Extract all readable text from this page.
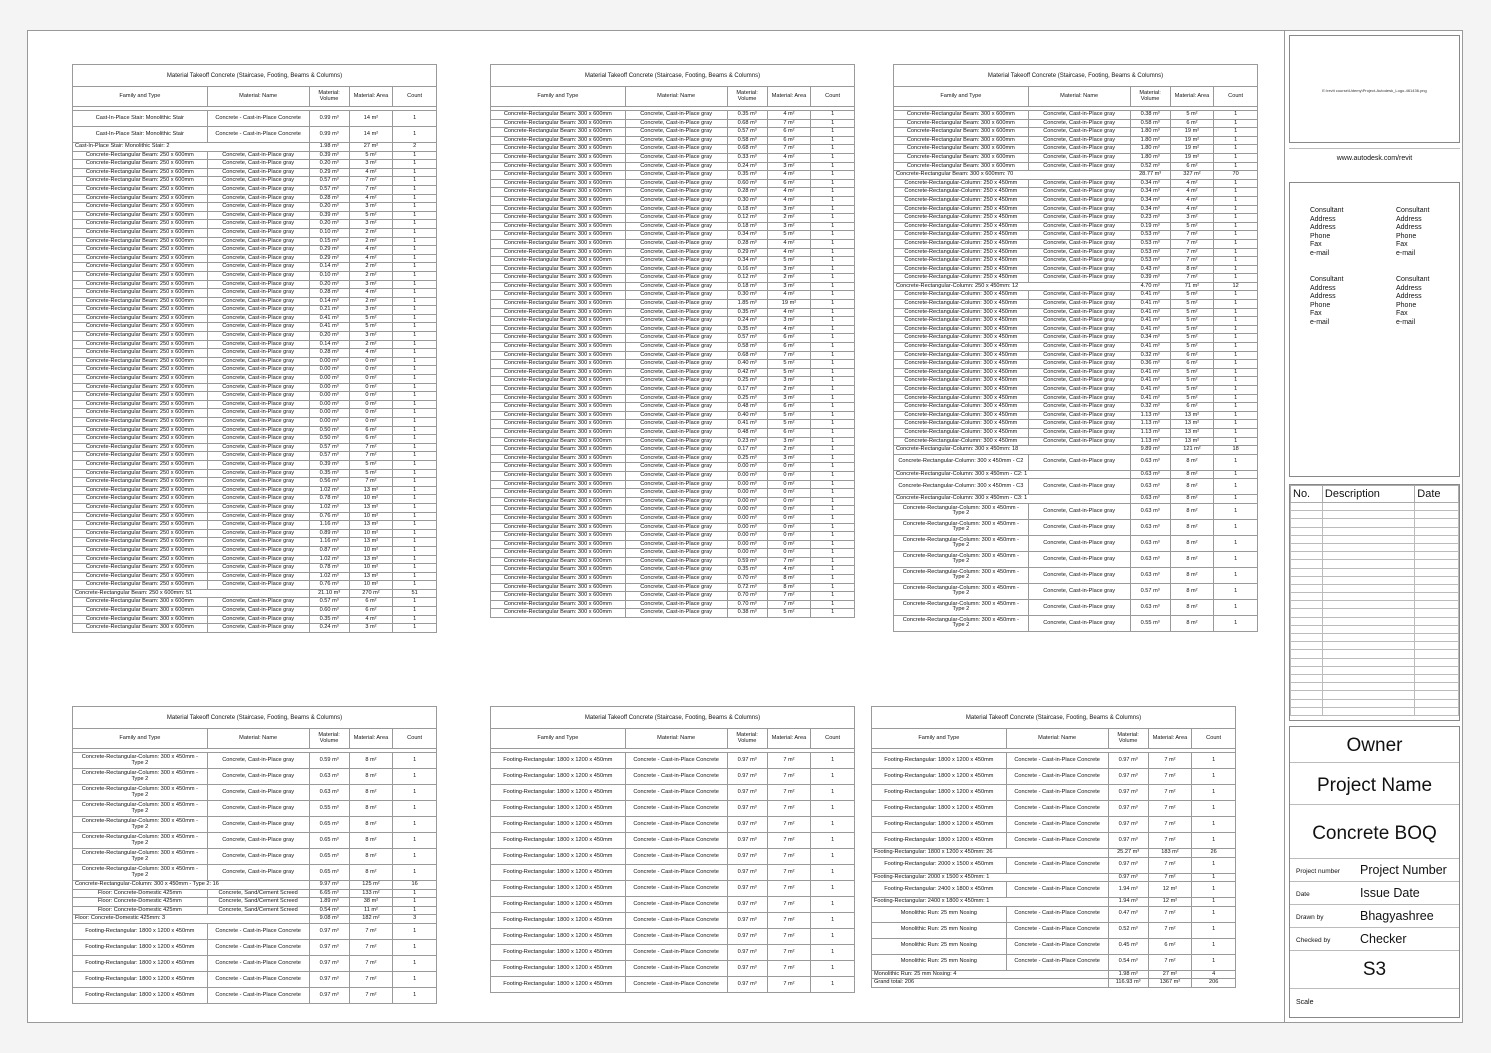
Material Takeoff Concrete (Staircase, Footing, Beams & Columns)				
Family and Type	Material: Name	Material: Volume	Material: Area	Count

Cast-In-Place Stair: Monolithic Stair	Concrete - Cast-in-Place Concrete	0.99 m³	14 m²	1
Cast-In-Place Stair: Monolithic Stair	Concrete - Cast-in-Place Concrete	0.99 m³	14 m²	1
Cast-In-Place Stair: Monolithic Stair: 2		1.98 m³	27 m²	2
Concrete-Rectangular Beam: 250 x 600mm	Concrete, Cast-in-Place gray	0.39 m³	5 m²	1
Concrete-Rectangular Beam: 250 x 600mm	Concrete, Cast-in-Place gray	0.20 m³	3 m²	1
Concrete-Rectangular Beam: 250 x 600mm	Concrete, Cast-in-Place gray	0.29 m³	4 m²	1
Concrete-Rectangular Beam: 250 x 600mm	Concrete, Cast-in-Place gray	0.57 m³	7 m²	1
Concrete-Rectangular Beam: 250 x 600mm	Concrete, Cast-in-Place gray	0.57 m³	7 m²	1
Concrete-Rectangular Beam: 250 x 600mm	Concrete, Cast-in-Place gray	0.28 m³	4 m²	1
Concrete-Rectangular Beam: 250 x 600mm	Concrete, Cast-in-Place gray	0.20 m³	3 m²	1
Concrete-Rectangular Beam: 250 x 600mm	Concrete, Cast-in-Place gray	0.39 m³	5 m²	1
Concrete-Rectangular Beam: 250 x 600mm	Concrete, Cast-in-Place gray	0.20 m³	3 m²	1
Concrete-Rectangular Beam: 250 x 600mm	Concrete, Cast-in-Place gray	0.10 m³	2 m²	1
Concrete-Rectangular Beam: 250 x 600mm	Concrete, Cast-in-Place gray	0.15 m³	2 m²	1
Concrete-Rectangular Beam: 250 x 600mm	Concrete, Cast-in-Place gray	0.29 m³	4 m²	1
Concrete-Rectangular Beam: 250 x 600mm	Concrete, Cast-in-Place gray	0.29 m³	4 m²	1
Concrete-Rectangular Beam: 250 x 600mm	Concrete, Cast-in-Place gray	0.14 m³	2 m²	1
Concrete-Rectangular Beam: 250 x 600mm	Concrete, Cast-in-Place gray	0.10 m³	2 m²	1
Concrete-Rectangular Beam: 250 x 600mm	Concrete, Cast-in-Place gray	0.20 m³	3 m²	1
Concrete-Rectangular Beam: 250 x 600mm	Concrete, Cast-in-Place gray	0.28 m³	4 m²	1
Concrete-Rectangular Beam: 250 x 600mm	Concrete, Cast-in-Place gray	0.14 m³	2 m²	1
Concrete-Rectangular Beam: 250 x 600mm	Concrete, Cast-in-Place gray	0.21 m³	3 m²	1
Concrete-Rectangular Beam: 250 x 600mm	Concrete, Cast-in-Place gray	0.41 m³	5 m²	1
Concrete-Rectangular Beam: 250 x 600mm	Concrete, Cast-in-Place gray	0.41 m³	5 m²	1
Concrete-Rectangular Beam: 250 x 600mm	Concrete, Cast-in-Place gray	0.20 m³	3 m²	1
Concrete-Rectangular Beam: 250 x 600mm	Concrete, Cast-in-Place gray	0.14 m³	2 m²	1
Concrete-Rectangular Beam: 250 x 600mm	Concrete, Cast-in-Place gray	0.28 m³	4 m²	1
Concrete-Rectangular Beam: 250 x 600mm	Concrete, Cast-in-Place gray	0.00 m³	0 m²	1
Concrete-Rectangular Beam: 250 x 600mm	Concrete, Cast-in-Place gray	0.00 m³	0 m²	1
Concrete-Rectangular Beam: 250 x 600mm	Concrete, Cast-in-Place gray	0.00 m³	0 m²	1
Concrete-Rectangular Beam: 250 x 600mm	Concrete, Cast-in-Place gray	0.00 m³	0 m²	1
Concrete-Rectangular Beam: 250 x 600mm	Concrete, Cast-in-Place gray	0.00 m³	0 m²	1
Concrete-Rectangular Beam: 250 x 600mm	Concrete, Cast-in-Place gray	0.00 m³	0 m²	1
Concrete-Rectangular Beam: 250 x 600mm	Concrete, Cast-in-Place gray	0.00 m³	0 m²	1
Concrete-Rectangular Beam: 250 x 600mm	Concrete, Cast-in-Place gray	0.00 m³	0 m²	1
Concrete-Rectangular Beam: 250 x 600mm	Concrete, Cast-in-Place gray	0.50 m³	6 m²	1
Concrete-Rectangular Beam: 250 x 600mm	Concrete, Cast-in-Place gray	0.50 m³	6 m²	1
Concrete-Rectangular Beam: 250 x 600mm	Concrete, Cast-in-Place gray	0.57 m³	7 m²	1
Concrete-Rectangular Beam: 250 x 600mm	Concrete, Cast-in-Place gray	0.57 m³	7 m²	1
Concrete-Rectangular Beam: 250 x 600mm	Concrete, Cast-in-Place gray	0.39 m³	5 m²	1
Concrete-Rectangular Beam: 250 x 600mm	Concrete, Cast-in-Place gray	0.35 m³	5 m²	1
Concrete-Rectangular Beam: 250 x 600mm	Concrete, Cast-in-Place gray	0.56 m³	7 m²	1
Concrete-Rectangular Beam: 250 x 600mm	Concrete, Cast-in-Place gray	1.02 m³	13 m²	1
Concrete-Rectangular Beam: 250 x 600mm	Concrete, Cast-in-Place gray	0.78 m³	10 m²	1
Concrete-Rectangular Beam: 250 x 600mm	Concrete, Cast-in-Place gray	1.02 m³	13 m²	1
Concrete-Rectangular Beam: 250 x 600mm	Concrete, Cast-in-Place gray	0.76 m³	10 m²	1
Concrete-Rectangular Beam: 250 x 600mm	Concrete, Cast-in-Place gray	1.16 m³	13 m²	1
Concrete-Rectangular Beam: 250 x 600mm	Concrete, Cast-in-Place gray	0.89 m³	10 m²	1
Concrete-Rectangular Beam: 250 x 600mm	Concrete, Cast-in-Place gray	1.16 m³	13 m²	1
Concrete-Rectangular Beam: 250 x 600mm	Concrete, Cast-in-Place gray	0.87 m³	10 m²	1
Concrete-Rectangular Beam: 250 x 600mm	Concrete, Cast-in-Place gray	1.02 m³	13 m²	1
Concrete-Rectangular Beam: 250 x 600mm	Concrete, Cast-in-Place gray	0.78 m³	10 m²	1
Concrete-Rectangular Beam: 250 x 600mm	Concrete, Cast-in-Place gray	1.02 m³	13 m²	1
Concrete-Rectangular Beam: 250 x 600mm	Concrete, Cast-in-Place gray	0.76 m³	10 m²	1
Concrete-Rectangular Beam: 250 x 600mm: 51		21.10 m³	270 m²	51
Concrete-Rectangular Beam: 300 x 600mm	Concrete, Cast-in-Place gray	0.57 m³	6 m²	1
Concrete-Rectangular Beam: 300 x 600mm	Concrete, Cast-in-Place gray	0.60 m³	6 m²	1
Concrete-Rectangular Beam: 300 x 600mm	Concrete, Cast-in-Place gray	0.35 m³	4 m²	1
Concrete-Rectangular Beam: 300 x 600mm	Concrete, Cast-in-Place gray	0.24 m³	3 m²	1
Material Takeoff Concrete (Staircase, Footing, Beams & Columns)				
Family and Type	Material: Name	Material: Volume	Material: Area	Count

Concrete-Rectangular Beam: 300 x 600mm	Concrete, Cast-in-Place gray	0.35 m³	4 m²	1
Concrete-Rectangular Beam: 300 x 600mm	Concrete, Cast-in-Place gray	0.68 m³	7 m²	1
Concrete-Rectangular Beam: 300 x 600mm	Concrete, Cast-in-Place gray	0.57 m³	6 m²	1
Concrete-Rectangular Beam: 300 x 600mm	Concrete, Cast-in-Place gray	0.58 m³	6 m²	1
Concrete-Rectangular Beam: 300 x 600mm	Concrete, Cast-in-Place gray	0.68 m³	7 m²	1
Concrete-Rectangular Beam: 300 x 600mm	Concrete, Cast-in-Place gray	0.33 m³	4 m²	1
Concrete-Rectangular Beam: 300 x 600mm	Concrete, Cast-in-Place gray	0.24 m³	3 m²	1
Concrete-Rectangular Beam: 300 x 600mm	Concrete, Cast-in-Place gray	0.35 m³	4 m²	1
Concrete-Rectangular Beam: 300 x 600mm	Concrete, Cast-in-Place gray	0.60 m³	6 m²	1
Concrete-Rectangular Beam: 300 x 600mm	Concrete, Cast-in-Place gray	0.28 m³	4 m²	1
Concrete-Rectangular Beam: 300 x 600mm	Concrete, Cast-in-Place gray	0.30 m³	4 m²	1
Concrete-Rectangular Beam: 300 x 600mm	Concrete, Cast-in-Place gray	0.18 m³	3 m²	1
Concrete-Rectangular Beam: 300 x 600mm	Concrete, Cast-in-Place gray	0.12 m³	2 m²	1
Concrete-Rectangular Beam: 300 x 600mm	Concrete, Cast-in-Place gray	0.18 m³	3 m²	1
Concrete-Rectangular Beam: 300 x 600mm	Concrete, Cast-in-Place gray	0.34 m³	5 m²	1
Concrete-Rectangular Beam: 300 x 600mm	Concrete, Cast-in-Place gray	0.28 m³	4 m²	1
Concrete-Rectangular Beam: 300 x 600mm	Concrete, Cast-in-Place gray	0.29 m³	4 m²	1
Concrete-Rectangular Beam: 300 x 600mm	Concrete, Cast-in-Place gray	0.34 m³	5 m²	1
Concrete-Rectangular Beam: 300 x 600mm	Concrete, Cast-in-Place gray	0.16 m³	3 m²	1
Concrete-Rectangular Beam: 300 x 600mm	Concrete, Cast-in-Place gray	0.12 m³	2 m²	1
Concrete-Rectangular Beam: 300 x 600mm	Concrete, Cast-in-Place gray	0.18 m³	3 m²	1
Concrete-Rectangular Beam: 300 x 600mm	Concrete, Cast-in-Place gray	0.30 m³	4 m²	1
Concrete-Rectangular Beam: 300 x 600mm	Concrete, Cast-in-Place gray	1.85 m³	19 m²	1
Concrete-Rectangular Beam: 300 x 600mm	Concrete, Cast-in-Place gray	0.35 m³	4 m²	1
Concrete-Rectangular Beam: 300 x 600mm	Concrete, Cast-in-Place gray	0.24 m³	3 m²	1
Concrete-Rectangular Beam: 300 x 600mm	Concrete, Cast-in-Place gray	0.35 m³	4 m²	1
Concrete-Rectangular Beam: 300 x 600mm	Concrete, Cast-in-Place gray	0.57 m³	6 m²	1
Concrete-Rectangular Beam: 300 x 600mm	Concrete, Cast-in-Place gray	0.58 m³	6 m²	1
Concrete-Rectangular Beam: 300 x 600mm	Concrete, Cast-in-Place gray	0.68 m³	7 m²	1
Concrete-Rectangular Beam: 300 x 600mm	Concrete, Cast-in-Place gray	0.40 m³	5 m²	1
Concrete-Rectangular Beam: 300 x 600mm	Concrete, Cast-in-Place gray	0.42 m³	5 m²	1
Concrete-Rectangular Beam: 300 x 600mm	Concrete, Cast-in-Place gray	0.25 m³	3 m²	1
Concrete-Rectangular Beam: 300 x 600mm	Concrete, Cast-in-Place gray	0.17 m³	2 m²	1
Concrete-Rectangular Beam: 300 x 600mm	Concrete, Cast-in-Place gray	0.25 m³	3 m²	1
Concrete-Rectangular Beam: 300 x 600mm	Concrete, Cast-in-Place gray	0.48 m³	6 m²	1
Concrete-Rectangular Beam: 300 x 600mm	Concrete, Cast-in-Place gray	0.40 m³	5 m²	1
Concrete-Rectangular Beam: 300 x 600mm	Concrete, Cast-in-Place gray	0.41 m³	5 m²	1
Concrete-Rectangular Beam: 300 x 600mm	Concrete, Cast-in-Place gray	0.48 m³	6 m²	1
Concrete-Rectangular Beam: 300 x 600mm	Concrete, Cast-in-Place gray	0.23 m³	3 m²	1
Concrete-Rectangular Beam: 300 x 600mm	Concrete, Cast-in-Place gray	0.17 m³	2 m²	1
Concrete-Rectangular Beam: 300 x 600mm	Concrete, Cast-in-Place gray	0.25 m³	3 m²	1
Concrete-Rectangular Beam: 300 x 600mm	Concrete, Cast-in-Place gray	0.00 m³	0 m²	1
Concrete-Rectangular Beam: 300 x 600mm	Concrete, Cast-in-Place gray	0.00 m³	0 m²	1
Concrete-Rectangular Beam: 300 x 600mm	Concrete, Cast-in-Place gray	0.00 m³	0 m²	1
Concrete-Rectangular Beam: 300 x 600mm	Concrete, Cast-in-Place gray	0.00 m³	0 m²	1
Concrete-Rectangular Beam: 300 x 600mm	Concrete, Cast-in-Place gray	0.00 m³	0 m²	1
Concrete-Rectangular Beam: 300 x 600mm	Concrete, Cast-in-Place gray	0.00 m³	0 m²	1
Concrete-Rectangular Beam: 300 x 600mm	Concrete, Cast-in-Place gray	0.00 m³	0 m²	1
Concrete-Rectangular Beam: 300 x 600mm	Concrete, Cast-in-Place gray	0.00 m³	0 m²	1
Concrete-Rectangular Beam: 300 x 600mm	Concrete, Cast-in-Place gray	0.00 m³	0 m²	1
Concrete-Rectangular Beam: 300 x 600mm	Concrete, Cast-in-Place gray	0.00 m³	0 m²	1
Concrete-Rectangular Beam: 300 x 600mm	Concrete, Cast-in-Place gray	0.00 m³	0 m²	1
Concrete-Rectangular Beam: 300 x 600mm	Concrete, Cast-in-Place gray	0.59 m³	7 m²	1
Concrete-Rectangular Beam: 300 x 600mm	Concrete, Cast-in-Place gray	0.35 m³	4 m²	1
Concrete-Rectangular Beam: 300 x 600mm	Concrete, Cast-in-Place gray	0.70 m³	8 m²	1
Concrete-Rectangular Beam: 300 x 600mm	Concrete, Cast-in-Place gray	0.72 m³	8 m²	1
Concrete-Rectangular Beam: 300 x 600mm	Concrete, Cast-in-Place gray	0.70 m³	7 m²	1
Concrete-Rectangular Beam: 300 x 600mm	Concrete, Cast-in-Place gray	0.70 m³	7 m²	1
Concrete-Rectangular Beam: 300 x 600mm	Concrete, Cast-in-Place gray	0.38 m³	5 m²	1
Material Takeoff Concrete (Staircase, Footing, Beams & Columns)				
Family and Type	Material: Name	Material: Volume	Material: Area	Count

Concrete-Rectangular Beam: 300 x 600mm	Concrete, Cast-in-Place gray	0.38 m³	5 m²	1
Concrete-Rectangular Beam: 300 x 600mm	Concrete, Cast-in-Place gray	0.58 m³	6 m²	1
Concrete-Rectangular Beam: 300 x 600mm	Concrete, Cast-in-Place gray	1.80 m³	19 m²	1
Concrete-Rectangular Beam: 300 x 600mm	Concrete, Cast-in-Place gray	1.80 m³	19 m²	1
Concrete-Rectangular Beam: 300 x 600mm	Concrete, Cast-in-Place gray	1.80 m³	19 m²	1
Concrete-Rectangular Beam: 300 x 600mm	Concrete, Cast-in-Place gray	1.80 m³	19 m²	1
Concrete-Rectangular Beam: 300 x 600mm	Concrete, Cast-in-Place gray	0.52 m³	6 m²	1
Concrete-Rectangular Beam: 300 x 600mm: 70		28.77 m³	327 m²	70
Concrete-Rectangular-Column: 250 x 450mm	Concrete, Cast-in-Place gray	0.34 m³	4 m²	1
Concrete-Rectangular-Column: 250 x 450mm	Concrete, Cast-in-Place gray	0.34 m³	4 m²	1
Concrete-Rectangular-Column: 250 x 450mm	Concrete, Cast-in-Place gray	0.34 m³	4 m²	1
Concrete-Rectangular-Column: 250 x 450mm	Concrete, Cast-in-Place gray	0.34 m³	4 m²	1
Concrete-Rectangular-Column: 250 x 450mm	Concrete, Cast-in-Place gray	0.23 m³	3 m²	1
Concrete-Rectangular-Column: 250 x 450mm	Concrete, Cast-in-Place gray	0.19 m³	5 m²	1
Concrete-Rectangular-Column: 250 x 450mm	Concrete, Cast-in-Place gray	0.53 m³	7 m²	1
Concrete-Rectangular-Column: 250 x 450mm	Concrete, Cast-in-Place gray	0.53 m³	7 m²	1
Concrete-Rectangular-Column: 250 x 450mm	Concrete, Cast-in-Place gray	0.53 m³	7 m²	1
Concrete-Rectangular-Column: 250 x 450mm	Concrete, Cast-in-Place gray	0.53 m³	7 m²	1
Concrete-Rectangular-Column: 250 x 450mm	Concrete, Cast-in-Place gray	0.43 m³	8 m²	1
Concrete-Rectangular-Column: 250 x 450mm	Concrete, Cast-in-Place gray	0.39 m³	7 m²	1
Concrete-Rectangular-Column: 250 x 450mm: 12		4.70 m³	71 m²	12
Concrete-Rectangular-Column: 300 x 450mm	Concrete, Cast-in-Place gray	0.41 m³	5 m²	1
Concrete-Rectangular-Column: 300 x 450mm	Concrete, Cast-in-Place gray	0.41 m³	5 m²	1
Concrete-Rectangular-Column: 300 x 450mm	Concrete, Cast-in-Place gray	0.41 m³	5 m²	1
Concrete-Rectangular-Column: 300 x 450mm	Concrete, Cast-in-Place gray	0.41 m³	5 m²	1
Concrete-Rectangular-Column: 300 x 450mm	Concrete, Cast-in-Place gray	0.41 m³	5 m²	1
Concrete-Rectangular-Column: 300 x 450mm	Concrete, Cast-in-Place gray	0.34 m³	5 m²	1
Concrete-Rectangular-Column: 300 x 450mm	Concrete, Cast-in-Place gray	0.41 m³	5 m²	1
Concrete-Rectangular-Column: 300 x 450mm	Concrete, Cast-in-Place gray	0.32 m³	6 m²	1
Concrete-Rectangular-Column: 300 x 450mm	Concrete, Cast-in-Place gray	0.36 m³	6 m²	1
Concrete-Rectangular-Column: 300 x 450mm	Concrete, Cast-in-Place gray	0.41 m³	5 m²	1
Concrete-Rectangular-Column: 300 x 450mm	Concrete, Cast-in-Place gray	0.41 m³	5 m²	1
Concrete-Rectangular-Column: 300 x 450mm	Concrete, Cast-in-Place gray	0.41 m³	5 m²	1
Concrete-Rectangular-Column: 300 x 450mm	Concrete, Cast-in-Place gray	0.41 m³	5 m²	1
Concrete-Rectangular-Column: 300 x 450mm	Concrete, Cast-in-Place gray	0.32 m³	6 m²	1
Concrete-Rectangular-Column: 300 x 450mm	Concrete, Cast-in-Place gray	1.13 m³	13 m²	1
Concrete-Rectangular-Column: 300 x 450mm	Concrete, Cast-in-Place gray	1.13 m³	13 m²	1
Concrete-Rectangular-Column: 300 x 450mm	Concrete, Cast-in-Place gray	1.13 m³	13 m²	1
Concrete-Rectangular-Column: 300 x 450mm	Concrete, Cast-in-Place gray	1.13 m³	13 m²	1
Concrete-Rectangular-Column: 300 x 450mm: 18		9.89 m³	121 m²	18
Concrete-Rectangular-Column: 300 x 450mm - C2	Concrete, Cast-in-Place gray	0.63 m³	8 m²	1
Concrete-Rectangular-Column: 300 x 450mm - C2: 1		0.63 m³	8 m²	1
Concrete-Rectangular-Column: 300 x 450mm - C3	Concrete, Cast-in-Place gray	0.63 m³	8 m²	1
Concrete-Rectangular-Column: 300 x 450mm - C3: 1		0.63 m³	8 m²	1
Concrete-Rectangular-Column: 300 x 450mm - Type 2	Concrete, Cast-in-Place gray	0.63 m³	8 m²	1
Concrete-Rectangular-Column: 300 x 450mm - Type 2	Concrete, Cast-in-Place gray	0.63 m³	8 m²	1
Concrete-Rectangular-Column: 300 x 450mm - Type 2	Concrete, Cast-in-Place gray	0.63 m³	8 m²	1
Concrete-Rectangular-Column: 300 x 450mm - Type 2	Concrete, Cast-in-Place gray	0.63 m³	8 m²	1
Concrete-Rectangular-Column: 300 x 450mm - Type 2	Concrete, Cast-in-Place gray	0.63 m³	8 m²	1
Concrete-Rectangular-Column: 300 x 450mm - Type 2	Concrete, Cast-in-Place gray	0.57 m³	8 m²	1
Concrete-Rectangular-Column: 300 x 450mm - Type 2	Concrete, Cast-in-Place gray	0.63 m³	8 m²	1
Concrete-Rectangular-Column: 300 x 450mm - Type 2	Concrete, Cast-in-Place gray	0.55 m³	8 m²	1
Material Takeoff Concrete (Staircase, Footing, Beams & Columns)				
Family and Type	Material: Name	Material: Volume	Material: Area	Count

Concrete-Rectangular-Column: 300 x 450mm - Type 2	Concrete, Cast-in-Place gray	0.59 m³	8 m²	1
Concrete-Rectangular-Column: 300 x 450mm - Type 2	Concrete, Cast-in-Place gray	0.63 m³	8 m²	1
Concrete-Rectangular-Column: 300 x 450mm - Type 2	Concrete, Cast-in-Place gray	0.63 m³	8 m²	1
Concrete-Rectangular-Column: 300 x 450mm - Type 2	Concrete, Cast-in-Place gray	0.55 m³	8 m²	1
Concrete-Rectangular-Column: 300 x 450mm - Type 2	Concrete, Cast-in-Place gray	0.65 m³	8 m²	1
Concrete-Rectangular-Column: 300 x 450mm - Type 2	Concrete, Cast-in-Place gray	0.65 m³	8 m²	1
Concrete-Rectangular-Column: 300 x 450mm - Type 2	Concrete, Cast-in-Place gray	0.65 m³	8 m²	1
Concrete-Rectangular-Column: 300 x 450mm - Type 2	Concrete, Cast-in-Place gray	0.65 m³	8 m²	1
Concrete-Rectangular-Column: 300 x 450mm - Type 2: 16		9.97 m³	125 m²	16
Floor: Concrete-Domestic 425mm	Concrete, Sand/Cement Screed	6.65 m³	133 m²	1
Floor: Concrete-Domestic 425mm	Concrete, Sand/Cement Screed	1.89 m³	38 m²	1
Floor: Concrete-Domestic 425mm	Concrete, Sand/Cement Screed	0.54 m³	11 m²	1
Floor: Concrete-Domestic 425mm: 3		9.08 m³	182 m²	3
Footing-Rectangular: 1800 x 1200 x 450mm	Concrete - Cast-in-Place Concrete	0.97 m³	7 m²	1
Footing-Rectangular: 1800 x 1200 x 450mm	Concrete - Cast-in-Place Concrete	0.97 m³	7 m²	1
Footing-Rectangular: 1800 x 1200 x 450mm	Concrete - Cast-in-Place Concrete	0.97 m³	7 m²	1
Footing-Rectangular: 1800 x 1200 x 450mm	Concrete - Cast-in-Place Concrete	0.97 m³	7 m²	1
Footing-Rectangular: 1800 x 1200 x 450mm	Concrete - Cast-in-Place Concrete	0.97 m³	7 m²	1
Material Takeoff Concrete (Staircase, Footing, Beams & Columns)				
Family and Type	Material: Name	Material: Volume	Material: Area	Count

Footing-Rectangular: 1800 x 1200 x 450mm	Concrete - Cast-in-Place Concrete	0.97 m³	7 m²	1
Footing-Rectangular: 1800 x 1200 x 450mm	Concrete - Cast-in-Place Concrete	0.97 m³	7 m²	1
Footing-Rectangular: 1800 x 1200 x 450mm	Concrete - Cast-in-Place Concrete	0.97 m³	7 m²	1
Footing-Rectangular: 1800 x 1200 x 450mm	Concrete - Cast-in-Place Concrete	0.97 m³	7 m²	1
Footing-Rectangular: 1800 x 1200 x 450mm	Concrete - Cast-in-Place Concrete	0.97 m³	7 m²	1
Footing-Rectangular: 1800 x 1200 x 450mm	Concrete - Cast-in-Place Concrete	0.97 m³	7 m²	1
Footing-Rectangular: 1800 x 1200 x 450mm	Concrete - Cast-in-Place Concrete	0.97 m³	7 m²	1
Footing-Rectangular: 1800 x 1200 x 450mm	Concrete - Cast-in-Place Concrete	0.97 m³	7 m²	1
Footing-Rectangular: 1800 x 1200 x 450mm	Concrete - Cast-in-Place Concrete	0.97 m³	7 m²	1
Footing-Rectangular: 1800 x 1200 x 450mm	Concrete - Cast-in-Place Concrete	0.97 m³	7 m²	1
Footing-Rectangular: 1800 x 1200 x 450mm	Concrete - Cast-in-Place Concrete	0.97 m³	7 m²	1
Footing-Rectangular: 1800 x 1200 x 450mm	Concrete - Cast-in-Place Concrete	0.97 m³	7 m²	1
Footing-Rectangular: 1800 x 1200 x 450mm	Concrete - Cast-in-Place Concrete	0.97 m³	7 m²	1
Footing-Rectangular: 1800 x 1200 x 450mm	Concrete - Cast-in-Place Concrete	0.97 m³	7 m²	1
Footing-Rectangular: 1800 x 1200 x 450mm	Concrete - Cast-in-Place Concrete	0.97 m³	7 m²	1
Material Takeoff Concrete (Staircase, Footing, Beams & Columns)				
Family and Type	Material: Name	Material: Volume	Material: Area	Count

Footing-Rectangular: 1800 x 1200 x 450mm	Concrete - Cast-in-Place Concrete	0.97 m³	7 m²	1
Footing-Rectangular: 1800 x 1200 x 450mm	Concrete - Cast-in-Place Concrete	0.97 m³	7 m²	1
Footing-Rectangular: 1800 x 1200 x 450mm	Concrete - Cast-in-Place Concrete	0.97 m³	7 m²	1
Footing-Rectangular: 1800 x 1200 x 450mm	Concrete - Cast-in-Place Concrete	0.97 m³	7 m²	1
Footing-Rectangular: 1800 x 1200 x 450mm	Concrete - Cast-in-Place Concrete	0.97 m³	7 m²	1
Footing-Rectangular: 1800 x 1200 x 450mm	Concrete - Cast-in-Place Concrete	0.97 m³	7 m²	1
Footing-Rectangular: 1800 x 1200 x 450mm: 26		25.27 m³	183 m²	26
Footing-Rectangular: 2000 x 1500 x 450mm	Concrete - Cast-in-Place Concrete	0.97 m³	7 m²	1
Footing-Rectangular: 2000 x 1500 x 450mm: 1		0.97 m³	7 m²	1
Footing-Rectangular: 2400 x 1800 x 450mm	Concrete - Cast-in-Place Concrete	1.94 m³	12 m²	1
Footing-Rectangular: 2400 x 1800 x 450mm: 1		1.94 m³	12 m²	1
Monolithic Run: 25 mm Nosing	Concrete - Cast-in-Place Concrete	0.47 m³	7 m²	1
Monolithic Run: 25 mm Nosing	Concrete - Cast-in-Place Concrete	0.52 m³	7 m²	1
Monolithic Run: 25 mm Nosing	Concrete - Cast-in-Place Concrete	0.45 m³	6 m²	1
Monolithic Run: 25 mm Nosing	Concrete - Cast-in-Place Concrete	0.54 m³	7 m²	1
Monolithic Run: 25 mm Nosing: 4		1.98 m³	27 m²	4
Grand total: 206		116.93 m³	1367 m²	206
E:\revit course\Udemy\Project-Autodesk_Logo-461436.png
www.autodesk.com/revit
Consultant
Address
Address
Phone
Fax
e-mail
Consultant
Address
Address
Phone
Fax
e-mail
Consultant
Address
Address
Phone
Fax
e-mail
Consultant
Address
Address
Phone
Fax
e-mail
No.	Description	Date

Owner
Project Name
Concrete BOQ
Project number Project Number
Date	Issue Date
Drawn by	Bhagyashree
Checked by Checker
S3
Scale
